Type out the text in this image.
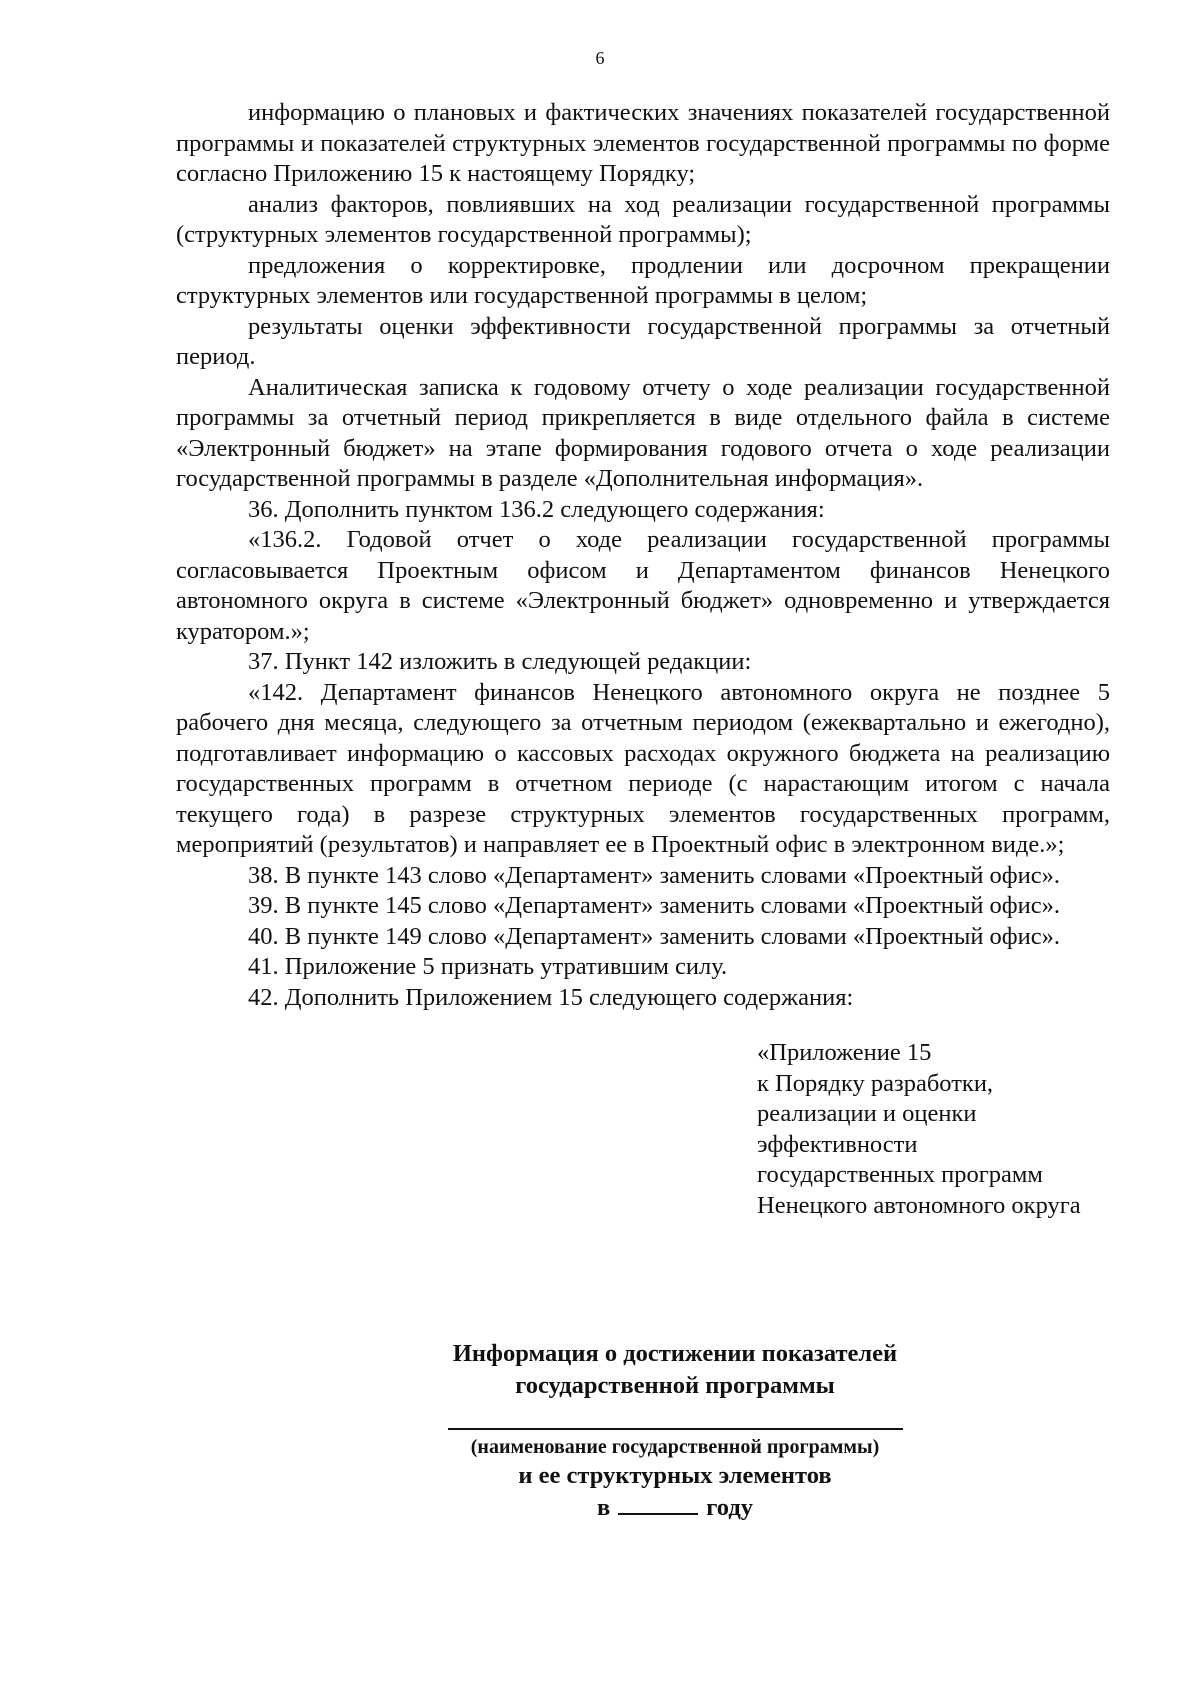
6

информацию о плановых и фактических значениях показателей государственной программы и показателей структурных элементов государственной программы по форме согласно Приложению 15 к настоящему Порядку;

анализ факторов, повлиявших на ход реализации государственной программы (структурных элементов государственной программы);

предложения о корректировке, продлении или досрочном прекращении структурных элементов или государственной программы в целом;

результаты оценки эффективности государственной программы за отчетный период.

Аналитическая записка к годовому отчету о ходе реализации государственной программы за отчетный период прикрепляется в виде отдельного файла в системе «Электронный бюджет» на этапе формирования годового отчета о ходе реализации государственной программы в разделе «Дополнительная информация».

36. Дополнить пунктом 136.2 следующего содержания:

«136.2. Годовой отчет о ходе реализации государственной программы согласовывается Проектным офисом и Департаментом финансов Ненецкого автономного округа в системе «Электронный бюджет» одновременно и утверждается куратором.»;

37. Пункт 142 изложить в следующей редакции:

«142. Департамент финансов Ненецкого автономного округа не позднее 5 рабочего дня месяца, следующего за отчетным периодом (ежеквартально и ежегодно), подготавливает информацию о кассовых расходах окружного бюджета на реализацию государственных программ в отчетном периоде (с нарастающим итогом с начала текущего года) в разрезе структурных элементов государственных программ, мероприятий (результатов) и направляет ее в Проектный офис в электронном виде.»;

38. В пункте 143 слово «Департамент» заменить словами «Проектный офис».

39. В пункте 145 слово «Департамент» заменить словами «Проектный офис».

40. В пункте 149 слово «Департамент» заменить словами «Проектный офис».

41. Приложение 5 признать утратившим силу.

42. Дополнить Приложением 15 следующего содержания:

«Приложение 15
к Порядку разработки,
реализации и оценки
эффективности
государственных программ
Ненецкого автономного округа
Информация о достижении показателей
государственной программы
(наименование государственной программы)
и ее структурных элементов
в	году
